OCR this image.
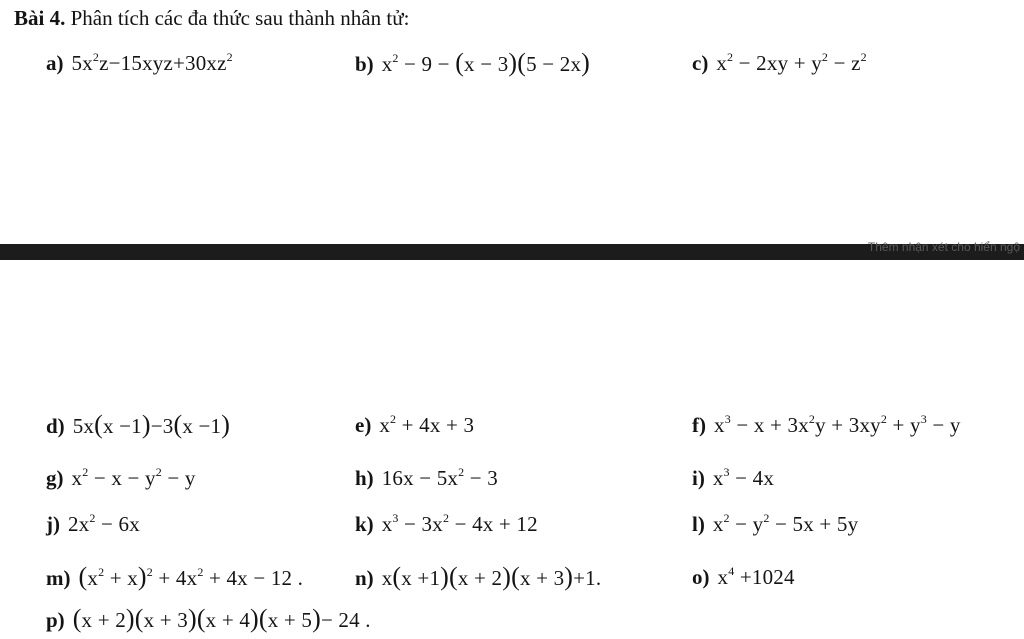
Bài 4. Phân tích các đa thức sau thành nhân tử:
Thêm nhận xét cho hiển ngộ
a) $5x^2z-15xyz+30xz^2$	b) $x^2 - 9 - (x - 3)(5 - 2x)$	c) $x^2 - 2xy + y^2 - z^2$
d) 5x(x −1)−3(x −1)	e) $x^2 + 4x + 3$	f) $x^3 - x + 3x^2y + 3xy^2 + y^3 - y$
g) $x^2 - x - y^2 - y$	h) $16x - 5x^2 - 3$	i) $x^3 - 4x$
j) $2x^2 - 6x$	k) $x^3 - 3x^2 - 4x + 12$	l) $x^2 - y^2 - 5x + 5y$
m) $(x^2 + x)^2 + 4x^2 + 4x - 12$ . n) x(x +1)(x + 2)(x + 3)+1.	o) $x^4 +1024$
p) (x + 2)(x + 3)(x + 4)(x + 5)− 24 .
